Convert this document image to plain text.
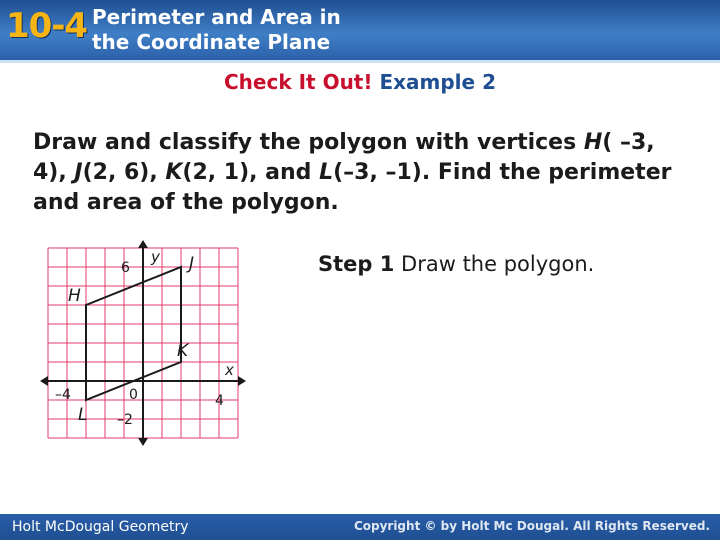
10-4 Perimeter and Area in
the Coordinate Plane
Check It Out! Example 2
Draw and classify the polygon with vertices H( –3, 4), J(2, 6), K(2, 1), and L(–3, –1). Find the perimeter and area of the polygon.
Step 1 Draw the polygon.
6
–4	0	4
–2
y
x
H
J
K
L
Holt McDougal Geometry	Copyright © by Holt Mc Dougal. All Rights Reserved.
